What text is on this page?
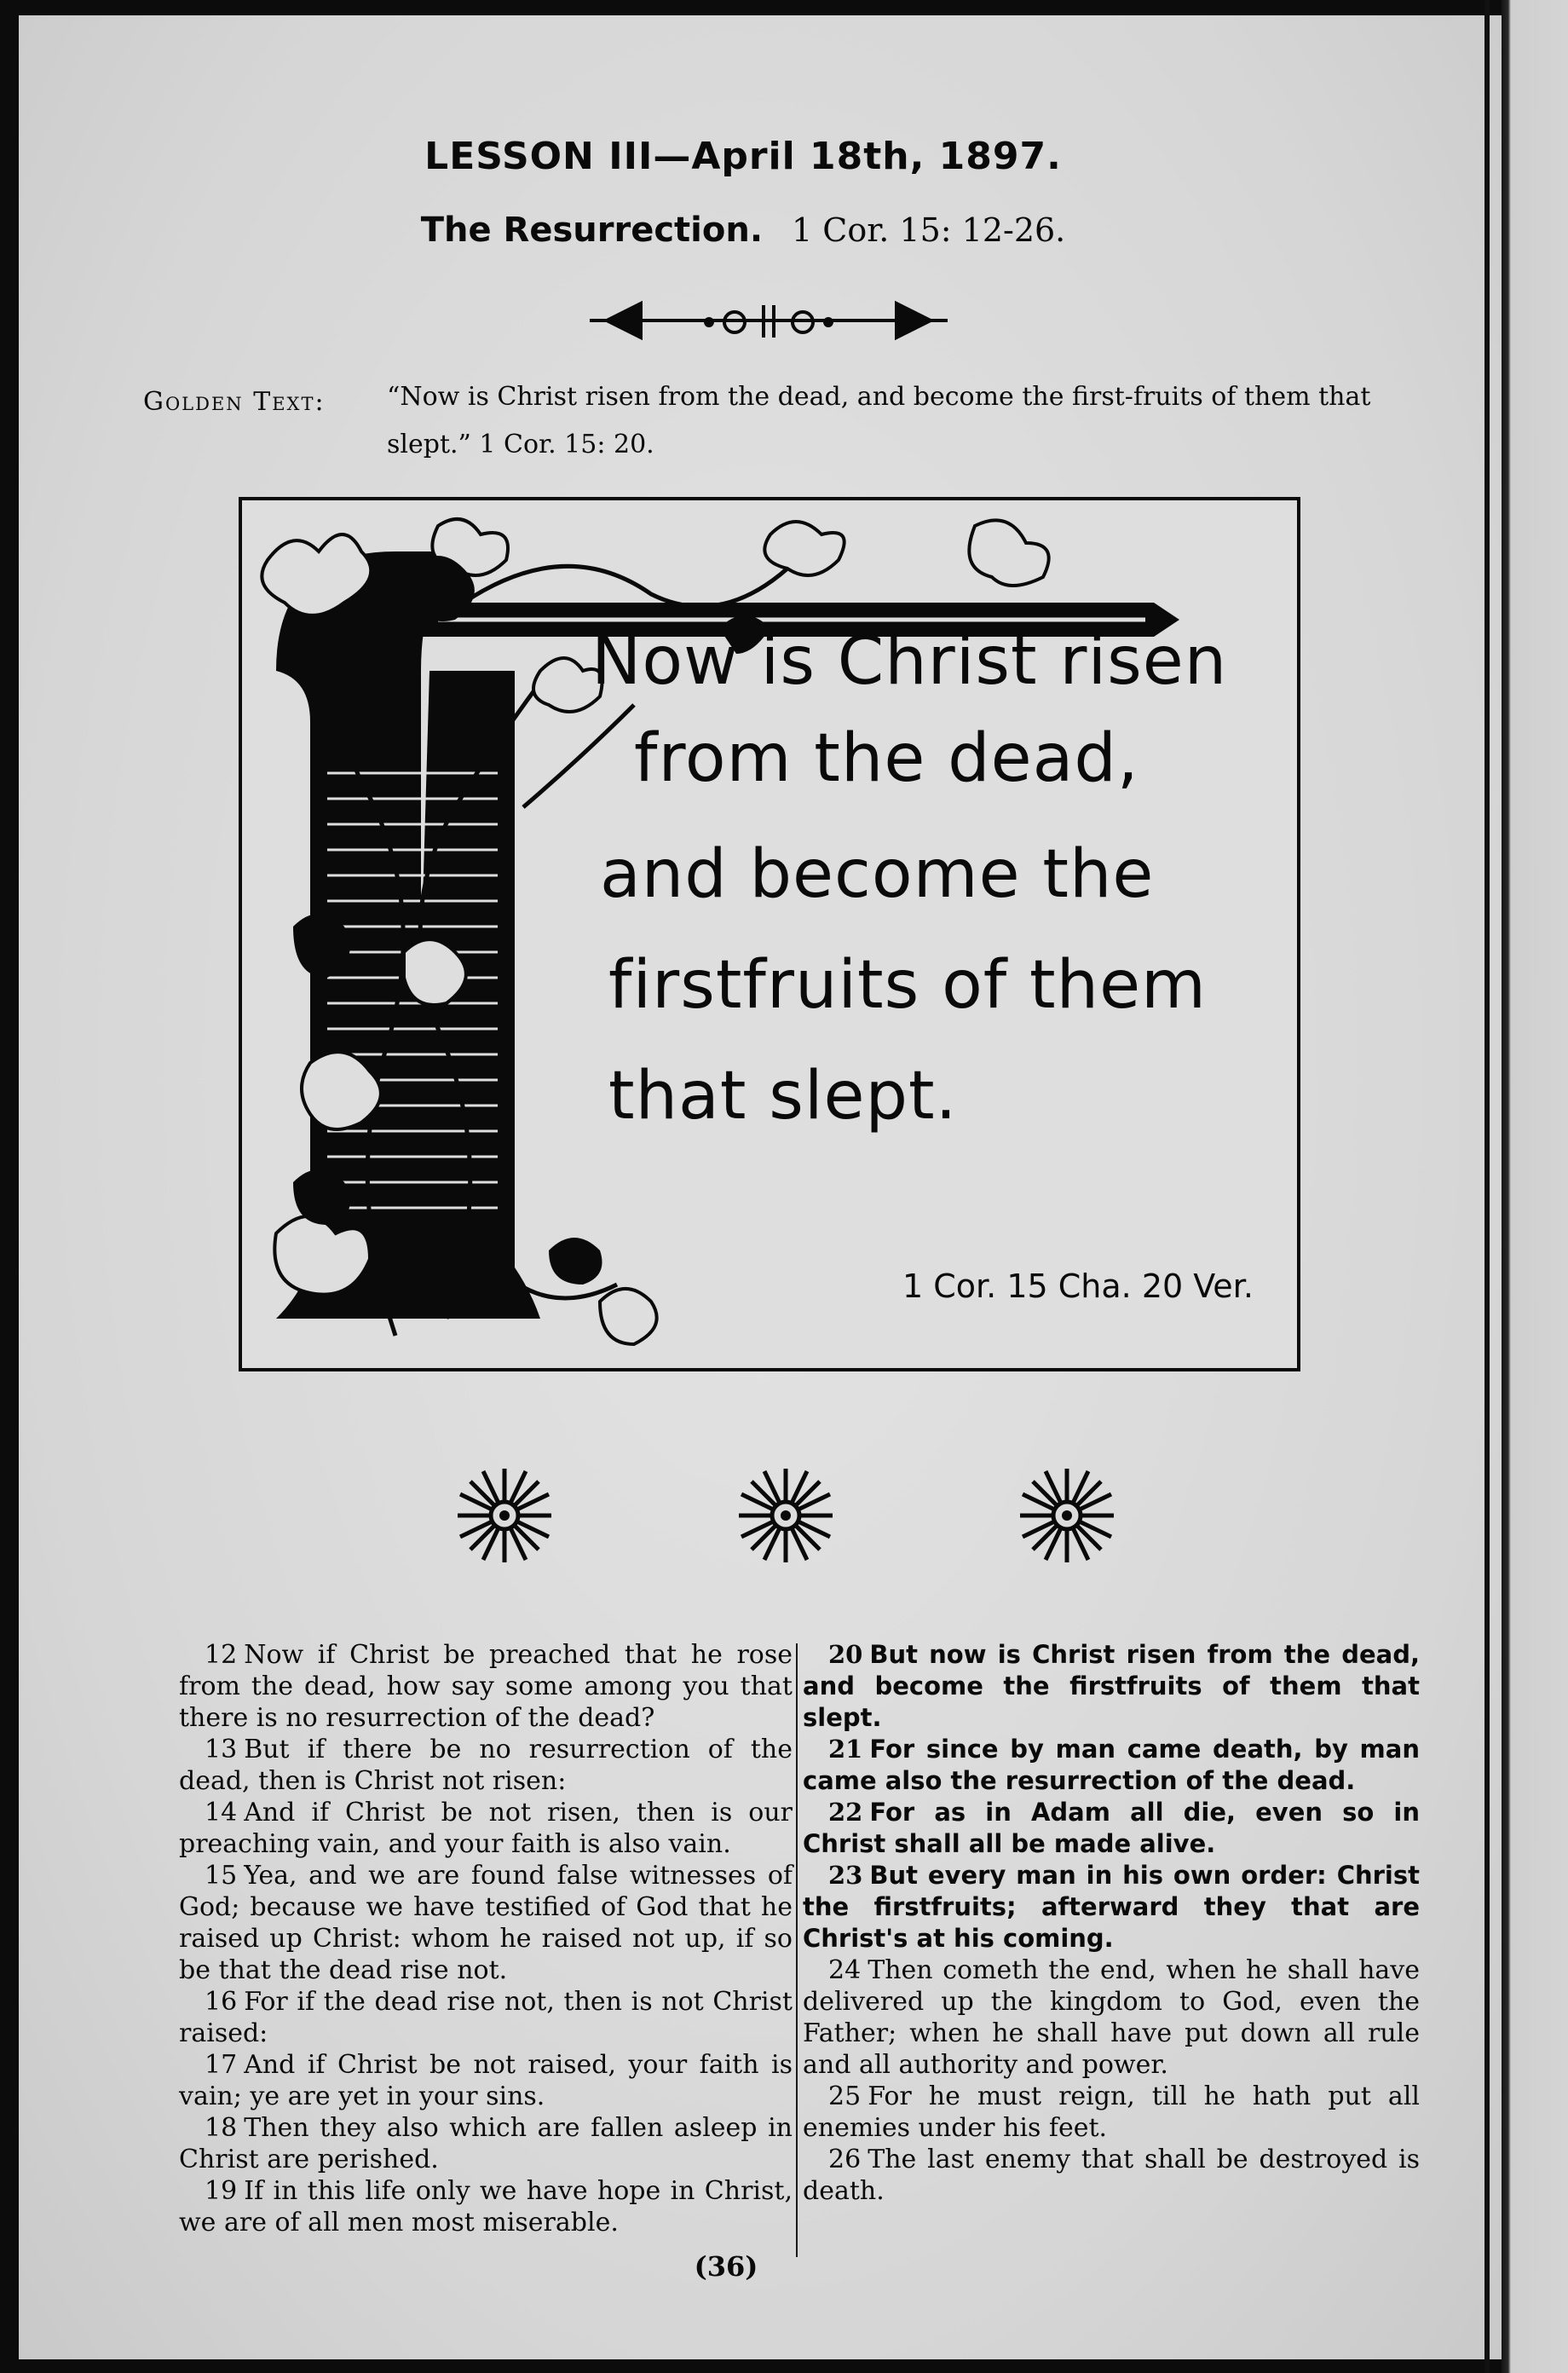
LESSON III—April 18th, 1897.
The Resurrection. 1 Cor. 15: 12-26.
Golden Text: “Now is Christ risen from the dead, and become the first-fruits of them that slept.” 1 Cor. 15: 20.
Now is Christ risen
from the dead,
and become the
firstfruits of them
that slept.
1 Cor. 15 Cha. 20 Ver.

12 Now if Christ be preached that he rose from the dead, how say some among you that there is no resurrection of the dead?

13 But if there be no resurrection of the dead, then is Christ not risen:

14 And if Christ be not risen, then is our preaching vain, and your faith is also vain.

15 Yea, and we are found false witnesses of God; because we have testified of God that he raised up Christ: whom he raised not up, if so be that the dead rise not.

16 For if the dead rise not, then is not Christ raised:

17 And if Christ be not raised, your faith is vain; ye are yet in your sins.

18 Then they also which are fallen asleep in Christ are perished.

19 If in this life only we have hope in Christ, we are of all men most miserable.

20 But now is Christ risen from the dead, and become the firstfruits of them that slept.

21 For since by man came death, by man came also the resurrection of the dead.

22 For as in Adam all die, even so in Christ shall all be made alive.

23 But every man in his own order: Christ the firstfruits; afterward they that are Christ's at his coming.

24 Then cometh the end, when he shall have delivered up the kingdom to God, even the Father; when he shall have put down all rule and all authority and power.

25 For he must reign, till he hath put all enemies under his feet.

26 The last enemy that shall be destroyed is death.

(36)
